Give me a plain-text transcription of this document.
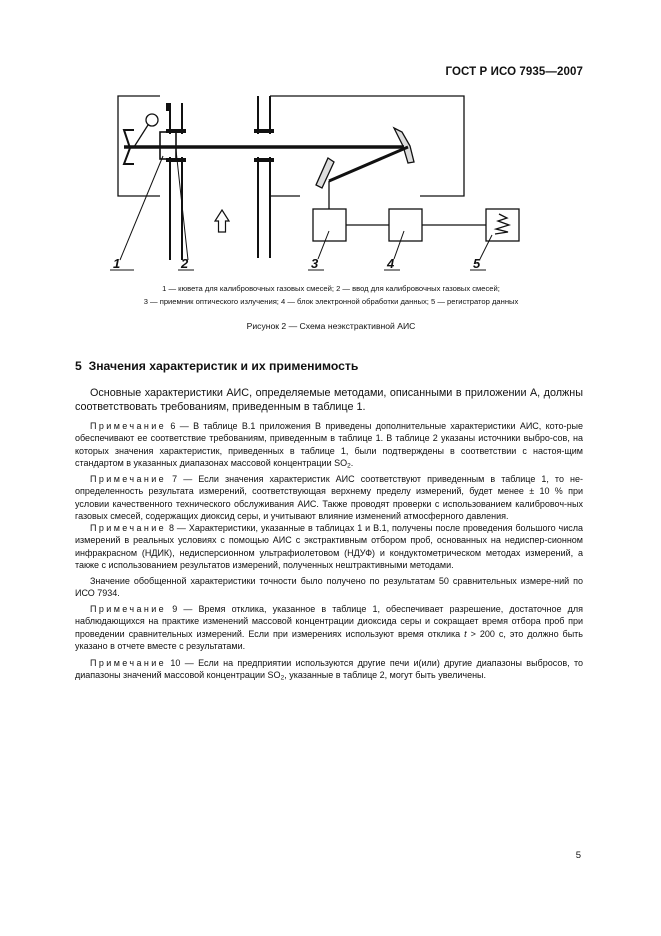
ГОСТ Р ИСО 7935—2007
1	2	3	4	5
1 — кювета для калибровочных газовых смесей; 2 — ввод для калибровочных газовых смесей;
3 — приемник оптического излучения; 4 — блок электронной обработки данных; 5 — регистратор данных
Рисунок 2 — Схема неэкстрактивной АИС
5 Значения характеристик и их применимость
Основные характеристики АИС, определяемые методами, описанными в приложении А, должны соответствовать требованиям, приведенным в таблице 1.
Примечание 6 — В таблице В.1 приложения В приведены дополнительные характеристики АИС, кото-рые обеспечивают ее соответствие требованиям, приведенным в таблице 1. В таблице 2 указаны источники выбро-сов, на которых значения характеристик, приведенных в таблице 1, были подтверждены в соответствии с настоя-щим стандартом в указанных диапазонах массовой концентрации $SO_2$.
Примечание 7 — Если значения характеристик АИС соответствуют приведенным в таблице 1, то не-определенность результата измерений, соответствующая верхнему пределу измерений, будет менее ± 10 % при условии качественного технического обслуживания АИС. Также проводят проверки с использованием калибровоч-ных газовых смесей, содержащих диоксид серы, и учитывают влияние изменений атмосферного давления.
Примечание 8 — Характеристики, указанные в таблицах 1 и В.1, получены после проведения большого числа измерений в реальных условиях с помощью АИС с экстрактивным отбором проб, основанных на недиспер-сионном инфракрасном (НДИК), недисперсионном ультрафиолетовом (НДУФ) и кондуктометрическом методах измерений, а также с использованием результатов измерений, полученных нештрактивными методами.
Значение обобщенной характеристики точности было получено по результатам 50 сравнительных измере-ний по ИСО 7934.
Примечание 9 — Время отклика, указанное в таблице 1, обеспечивает разрешение, достаточное для наблюдающихся на практике изменений массовой концентрации диоксида серы и сокращает время отбора проб при проведении сравнительных измерений. Если при измерениях используют время отклика t > 200 с, это должно быть указано в отчете вместе с результатами.
Примечание 10 — Если на предприятии используются другие печи и(или) другие диапазоны выбросов, то диапазоны значений массовой концентрации $SO_2$, указанные в таблице 2, могут быть увеличены.
5
